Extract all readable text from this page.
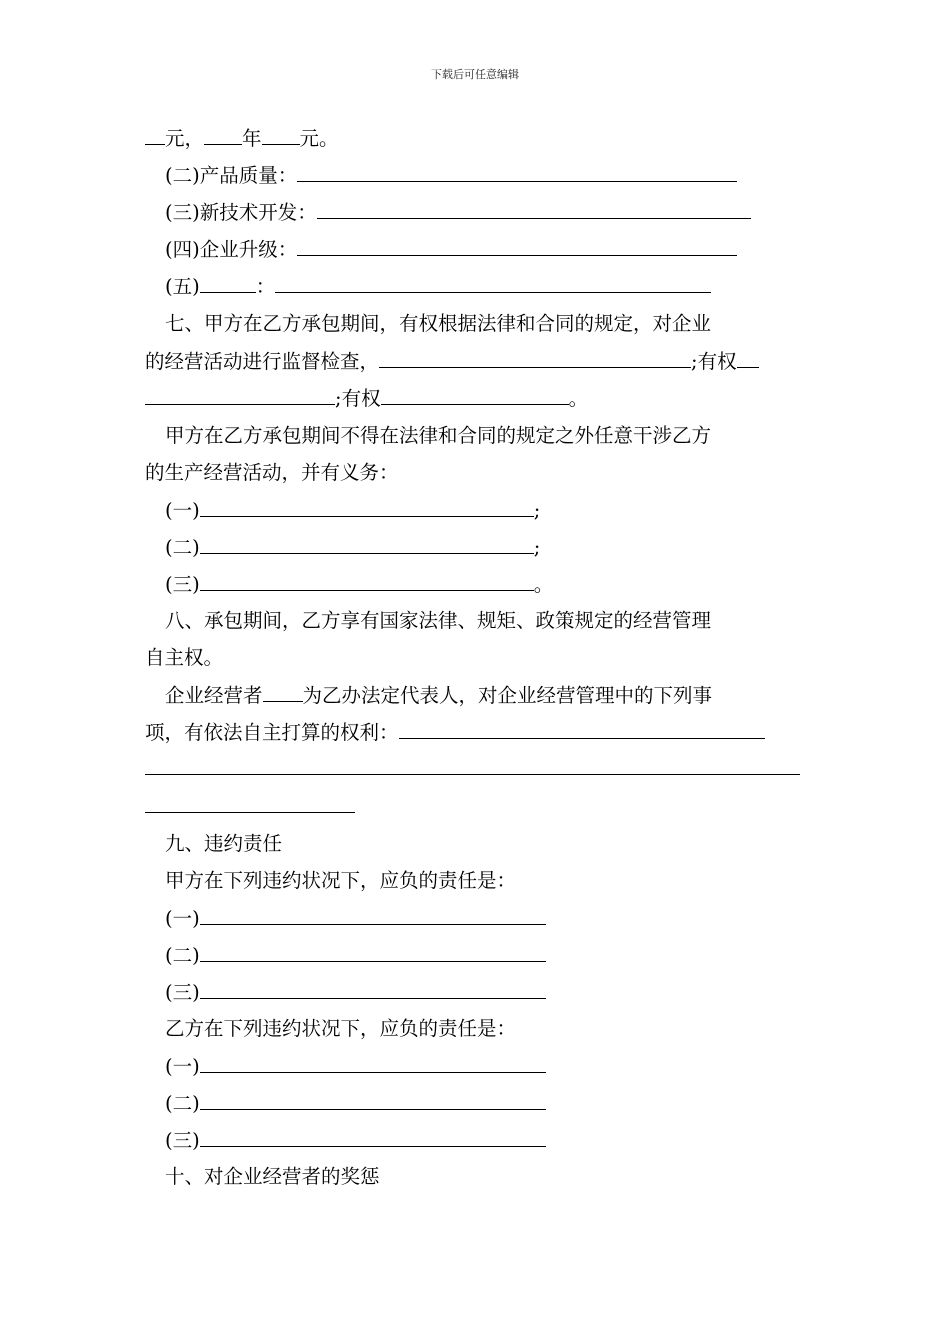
下载后可任意编辑
元， 年 元。
(二)产品质量：
(三)新技术开发：
(四)企业升级：
(五)	：
七、甲方在乙方承包期间，有权根据法律和合同的规定，对企业
的经营活动进行监督检查，	;有权
;有权	。
甲方在乙方承包期间不得在法律和合同的规定之外任意干涉乙方
的生产经营活动，并有义务：
(一)	;
(二)	;
(三)	。
八、承包期间，乙方享有国家法律、规矩、政策规定的经营管理
自主权。
企业经营者 为乙办法定代表人，对企业经营管理中的下列事
项，有依法自主打算的权利：
九、违约责任
甲方在下列违约状况下，应负的责任是：
(一)
(二)
(三)
乙方在下列违约状况下，应负的责任是：
(一)
(二)
(三)
十、对企业经营者的奖惩
